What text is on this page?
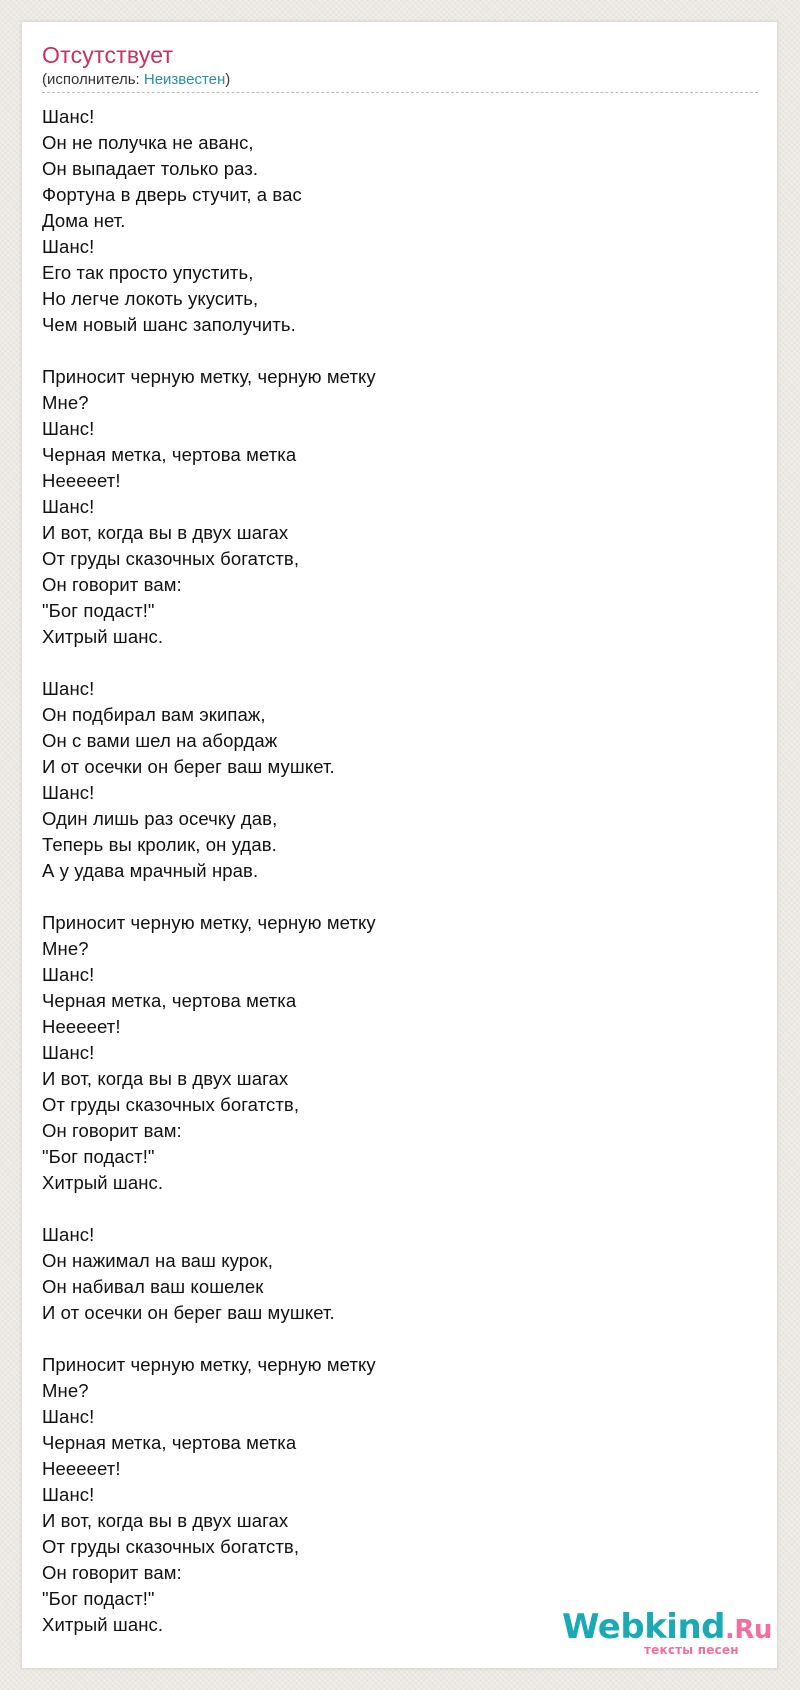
Отсутствует
(исполнитель: Неизвестен)
Шанс!
Он не получка не аванс,
Он выпадает только раз.
Фортуна в дверь стучит, а вас
Дома нет.
Шанс!
Его так просто упустить,
Но легче локоть укусить,
Чем новый шанс заполучить.
Приносит черную метку, черную метку
Мне?
Шанс!
Черная метка, чертова метка
Неееeет!
Шанс!
И вот, когда вы в двух шагах
От груды сказочных богатств,
Он говорит вам:
"Бог подаст!"
Хитрый шанс.
Шанс!
Он подбирал вам экипаж,
Он с вами шел на абордаж
И от осечки он берег ваш мушкет.
Шанс!
Один лишь раз осечку дав,
Теперь вы кролик, он удав.
А у удава мрачный нрав.
Приносит черную метку, черную метку
Мне?
Шанс!
Черная метка, чертова метка
Неееeет!
Шанс!
И вот, когда вы в двух шагах
От груды сказочных богатств,
Он говорит вам:
"Бог подаст!"
Хитрый шанс.
Шанс!
Он нажимал на ваш курок,
Он набивал ваш кошелек
И от осечки он берег ваш мушкет.
Приносит черную метку, черную метку
Мне?
Шанс!
Черная метка, чертова метка
Неееeет!
Шанс!
И вот, когда вы в двух шагах
От груды сказочных богатств,
Он говорит вам:
"Бог подаст!"
Хитрый шанс.	Webkind.Ru
тексты песен
